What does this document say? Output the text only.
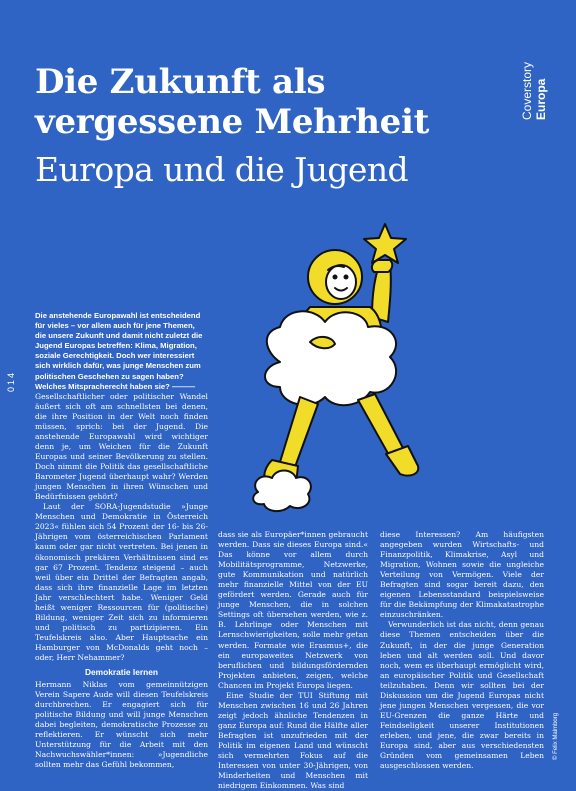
Coverstory Europa
Die Zukunft als
vergessene Mehrheit
Europa und die Jugend
014

Die anstehende Europawahl ist entscheidend für vieles – vor allem auch für jene Themen, die unsere Zukunft und damit nicht zuletzt die Jugend Europas betreffen: Klima, Migration, soziale Gerechtigkeit. Doch wer interessiert sich wirklich dafür, was junge Menschen zum politischen Geschehen zu sagen haben? Welches Mitspracherecht haben sie? ———

Gesellschaftlicher oder politischer Wandel äußert sich oft am schnellsten bei denen, die ihre Position in der Welt noch finden müssen, sprich: bei der Jugend. Die anstehende Europawahl wird wichtiger denn je, um Weichen für die Zukunft Europas und seiner Bevölkerung zu stellen. Doch nimmt die Politik das gesellschaftliche Barometer Jugend überhaupt wahr? Werden jungen Menschen in ihren Wünschen und Bedürfnissen gehört?

Laut der SORA-Jugendstudie »Junge Menschen und Demokratie in Österreich 2023« fühlen sich 54 Prozent der 16- bis 26-Jährigen vom österreichischen Parlament kaum oder gar nicht vertreten. Bei jenen in ökonomisch prekären Verhältnissen sind es gar 67 Prozent. Tendenz steigend – auch weil über ein Drittel der Befragten angab, dass sich ihre finanzielle Lage im letzten Jahr verschlechtert habe. Weniger Geld heißt weniger Ressourcen für (politische) Bildung, weniger Zeit sich zu informieren und politisch zu partizipieren. Ein Teufelskreis also. Aber Hauptsache ein Hamburger von McDonalds geht noch – oder, Herr Nehammer?

Demokratie lernen

Hermann Niklas vom gemeinnützigen Verein Sapere Aude will diesen Teufelskreis durchbrechen. Er engagiert sich für politische Bildung und will junge Menschen dabei begleiten, demokratische Prozesse zu reflektieren. Er wünscht sich mehr Unterstützung für die Arbeit mit den Nachwuchswähler*innen: »Jugendliche sollten mehr das Gefühl bekommen,

dass sie als Europäer*innen gebraucht werden. Dass sie dieses Europa sind.« Das könne vor allem durch Mobilitätsprogramme, Netzwerke, gute Kommunikation und natürlich mehr finanzielle Mittel von der EU gefördert werden. Gerade auch für junge Menschen, die in solchen Settings oft übersehen werden, wie z. B. Lehrlinge oder Menschen mit Lernschwierigkeiten, solle mehr getan werden. Formate wie Erasmus+, die ein europaweites Netzwerk von beruflichen und bildungsfördernden Projekten anbieten, zeigen, welche Chancen im Projekt Europa liegen.

Eine Studie der TUI Stiftung mit Menschen zwischen 16 und 26 Jahren zeigt jedoch ähnliche Tendenzen in ganz Europa auf: Rund die Hälfte aller Befragten ist unzufrieden mit der Politik im eigenen Land und wünscht sich vermehrten Fokus auf die Interessen von unter 30-Jährigen, von Minderheiten und Menschen mit niedrigem Einkommen. Was sind

diese Interessen? Am häufigsten angegeben wurden Wirtschafts- und Finanzpolitik, Klimakrise, Asyl und Migration, Wohnen sowie die ungleiche Verteilung von Vermögen. Viele der Befragten sind sogar bereit dazu, den eigenen Lebensstandard beispielsweise für die Bekämpfung der Klimakatastrophe einzuschränken.

Verwunderlich ist das nicht, denn genau diese Themen entscheiden über die Zukunft, in der die junge Generation leben und alt werden soll. Und davor noch, wem es überhaupt ermöglicht wird, an europäischer Politik und Gesellschaft teilzuhaben. Denn wir sollten bei der Diskussion um die Jugend Europas nicht jene jungen Menschen vergessen, die vor EU-Grenzen die ganze Härte und Feindseligkeit unserer Institutionen erleben, und jene, die zwar bereits in Europa sind, aber aus verschiedensten Gründen vom gemeinsamen Leben ausgeschlossen werden.

© Felix Malmborg
